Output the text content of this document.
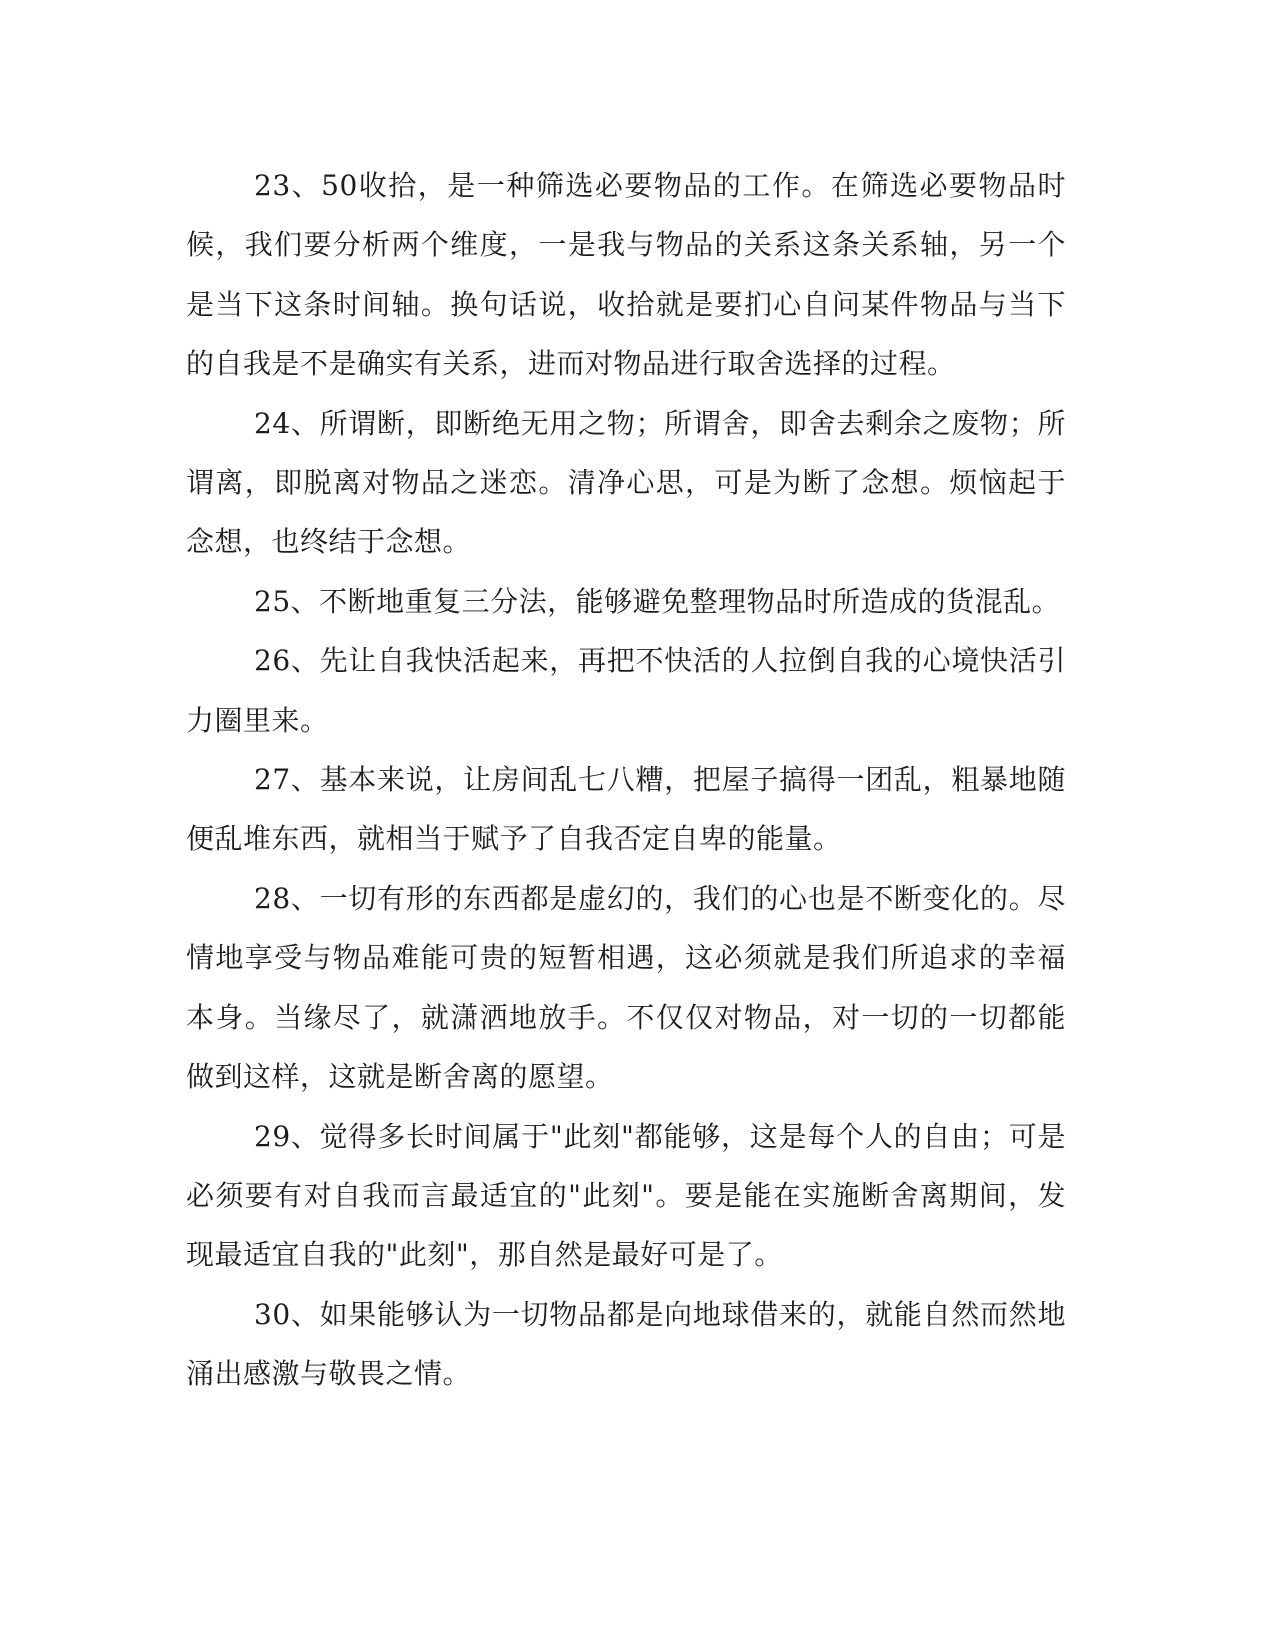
23、50收拾，是一种筛选必要物品的工作。在筛选必要物品时候，我们要分析两个维度，一是我与物品的关系这条关系轴，另一个是当下这条时间轴。换句话说，收拾就是要扪心自问某件物品与当下的自我是不是确实有关系，进而对物品进行取舍选择的过程。

24、所谓断，即断绝无用之物；所谓舍，即舍去剩余之废物；所谓离，即脱离对物品之迷恋。清净心思，可是为断了念想。烦恼起于念想，也终结于念想。

25、不断地重复三分法，能够避免整理物品时所造成的货混乱。

26、先让自我快活起来，再把不快活的人拉倒自我的心境快活引力圈里来。

27、基本来说，让房间乱七八糟，把屋子搞得一团乱，粗暴地随便乱堆东西，就相当于赋予了自我否定自卑的能量。

28、一切有形的东西都是虚幻的，我们的心也是不断变化的。尽情地享受与物品难能可贵的短暂相遇，这必须就是我们所追求的幸福本身。当缘尽了，就潇洒地放手。不仅仅对物品，对一切的一切都能做到这样，这就是断舍离的愿望。

29、觉得多长时间属于"此刻"都能够，这是每个人的自由；可是必须要有对自我而言最适宜的"此刻"。要是能在实施断舍离期间，发现最适宜自我的"此刻"，那自然是最好可是了。

30、如果能够认为一切物品都是向地球借来的，就能自然而然地涌出感激与敬畏之情。
